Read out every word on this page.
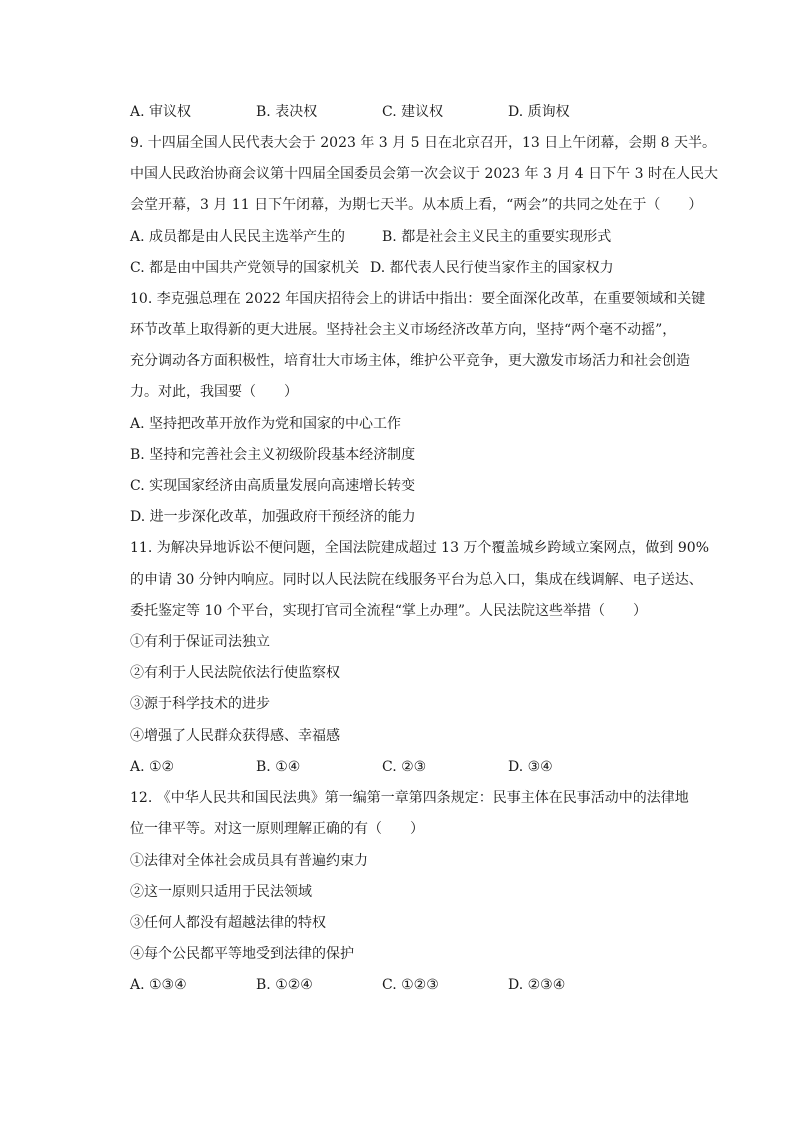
A. 审议权	B. 表决权	C. 建议权	D. 质询权
9. 十四届全国人民代表大会于 2023 年 3 月 5 日在北京召开，13 日上午闭幕，会期 8 天半。
中国人民政治协商会议第十四届全国委员会第一次会议于 2023 年 3 月 4 日下午 3 时在人民大
会堂开幕，3 月 11 日下午闭幕，为期七天半。从本质上看，“两会”的共同之处在于（　　）
A. 成员都是由人民民主选举产生的	B. 都是社会主义民主的重要实现形式
C. 都是由中国共产党领导的国家机关 D. 都代表人民行使当家作主的国家权力
10. 李克强总理在 2022 年国庆招待会上的讲话中指出：要全面深化改革，在重要领域和关键
环节改革上取得新的更大进展。坚持社会主义市场经济改革方向，坚持“两个毫不动摇”，
充分调动各方面积极性，培育壮大市场主体，维护公平竞争，更大激发市场活力和社会创造
力。对此，我国要（　　）
A. 坚持把改革开放作为党和国家的中心工作
B. 坚持和完善社会主义初级阶段基本经济制度
C. 实现国家经济由高质量发展向高速增长转变
D. 进一步深化改革，加强政府干预经济的能力
11. 为解决异地诉讼不便问题，全国法院建成超过 13 万个覆盖城乡跨域立案网点，做到 90%
的申请 30 分钟内响应。同时以人民法院在线服务平台为总入口，集成在线调解、电子送达、
委托鉴定等 10 个平台，实现打官司全流程“掌上办理”。人民法院这些举措（　　）
①有利于保证司法独立
②有利于人民法院依法行使监察权
③源于科学技术的进步
④增强了人民群众获得感、幸福感
A. ①②	B. ①④	C. ②③	D. ③④
12. 《中华人民共和国民法典》第一编第一章第四条规定：民事主体在民事活动中的法律地
位一律平等。对这一原则理解正确的有（　　）
①法律对全体社会成员具有普遍约束力
②这一原则只适用于民法领域
③任何人都没有超越法律的特权
④每个公民都平等地受到法律的保护
A. ①③④	B. ①②④	C. ①②③	D. ②③④
